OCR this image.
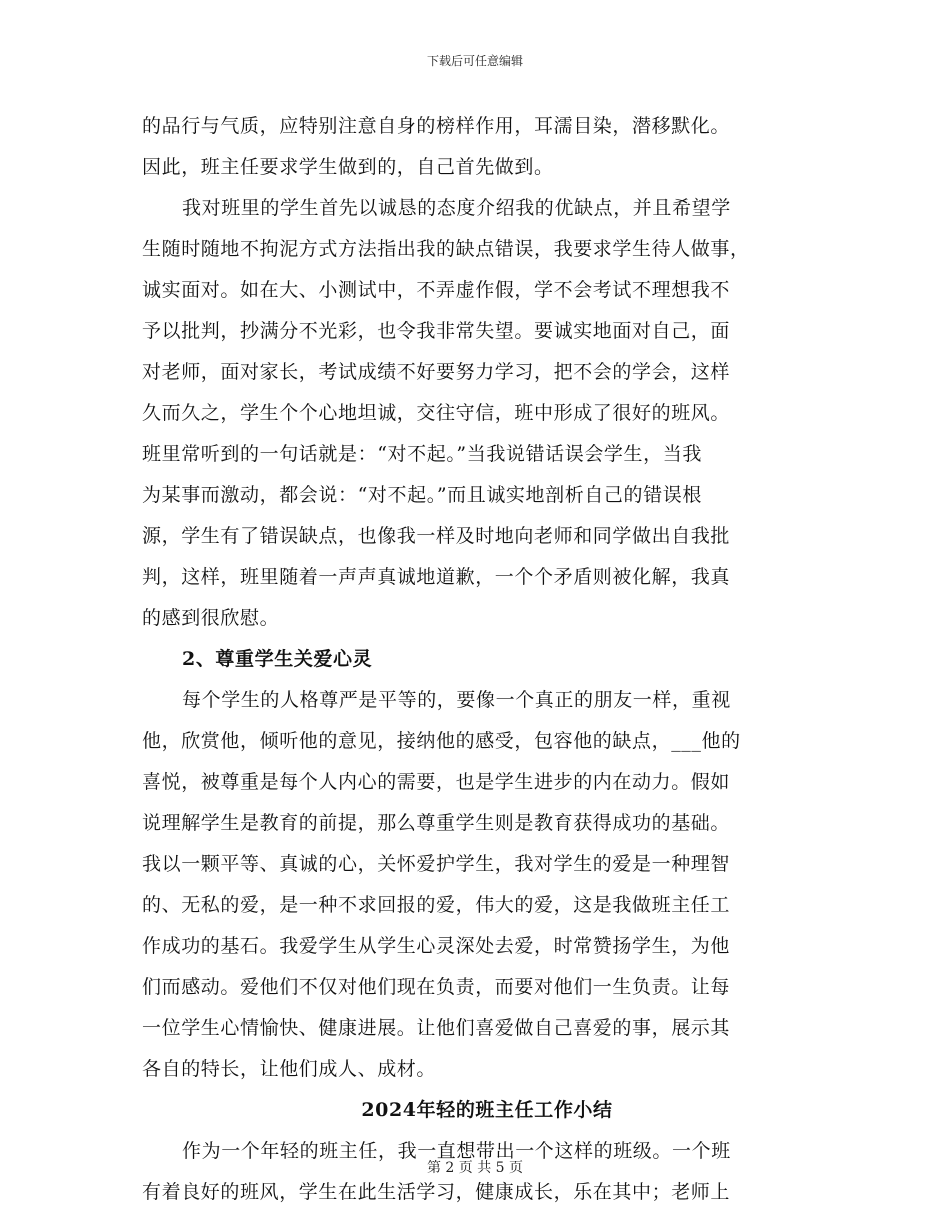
下载后可任意编辑
的品行与气质，应特别注意自身的榜样作用，耳濡目染，潜移默化。
因此，班主任要求学生做到的，自己首先做到。
我对班里的学生首先以诚恳的态度介绍我的优缺点，并且希望学
生随时随地不拘泥方式方法指出我的缺点错误，我要求学生待人做事，
诚实面对。如在大、小测试中，不弄虚作假，学不会考试不理想我不
予以批判，抄满分不光彩，也令我非常失望。要诚实地面对自己，面
对老师，面对家长，考试成绩不好要努力学习，把不会的学会，这样
久而久之，学生个个心地坦诚，交往守信，班中形成了很好的班风。
班里常听到的一句话就是：“对不起。”当我说错话误会学生，当我
为某事而激动，都会说：“对不起。”而且诚实地剖析自己的错误根
源，学生有了错误缺点，也像我一样及时地向老师和同学做出自我批
判，这样，班里随着一声声真诚地道歉，一个个矛盾则被化解，我真
的感到很欣慰。
2、尊重学生关爱心灵
每个学生的人格尊严是平等的，要像一个真正的朋友一样，重视
他，欣赏他，倾听他的意见，接纳他的感受，包容他的缺点，___他的
喜悦，被尊重是每个人内心的需要，也是学生进步的内在动力。假如
说理解学生是教育的前提，那么尊重学生则是教育获得成功的基础。
我以一颗平等、真诚的心，关怀爱护学生，我对学生的爱是一种理智
的、无私的爱，是一种不求回报的爱，伟大的爱，这是我做班主任工
作成功的基石。我爱学生从学生心灵深处去爱，时常赞扬学生，为他
们而感动。爱他们不仅对他们现在负责，而要对他们一生负责。让每
一位学生心情愉快、健康进展。让他们喜爱做自己喜爱的事，展示其
各自的特长，让他们成人、成材。
2024年轻的班主任工作小结
作为一个年轻的班主任，我一直想带出一个这样的班级。一个班
有着良好的班风，学生在此生活学习，健康成长，乐在其中；老师上
第 2 页 共 5 页
